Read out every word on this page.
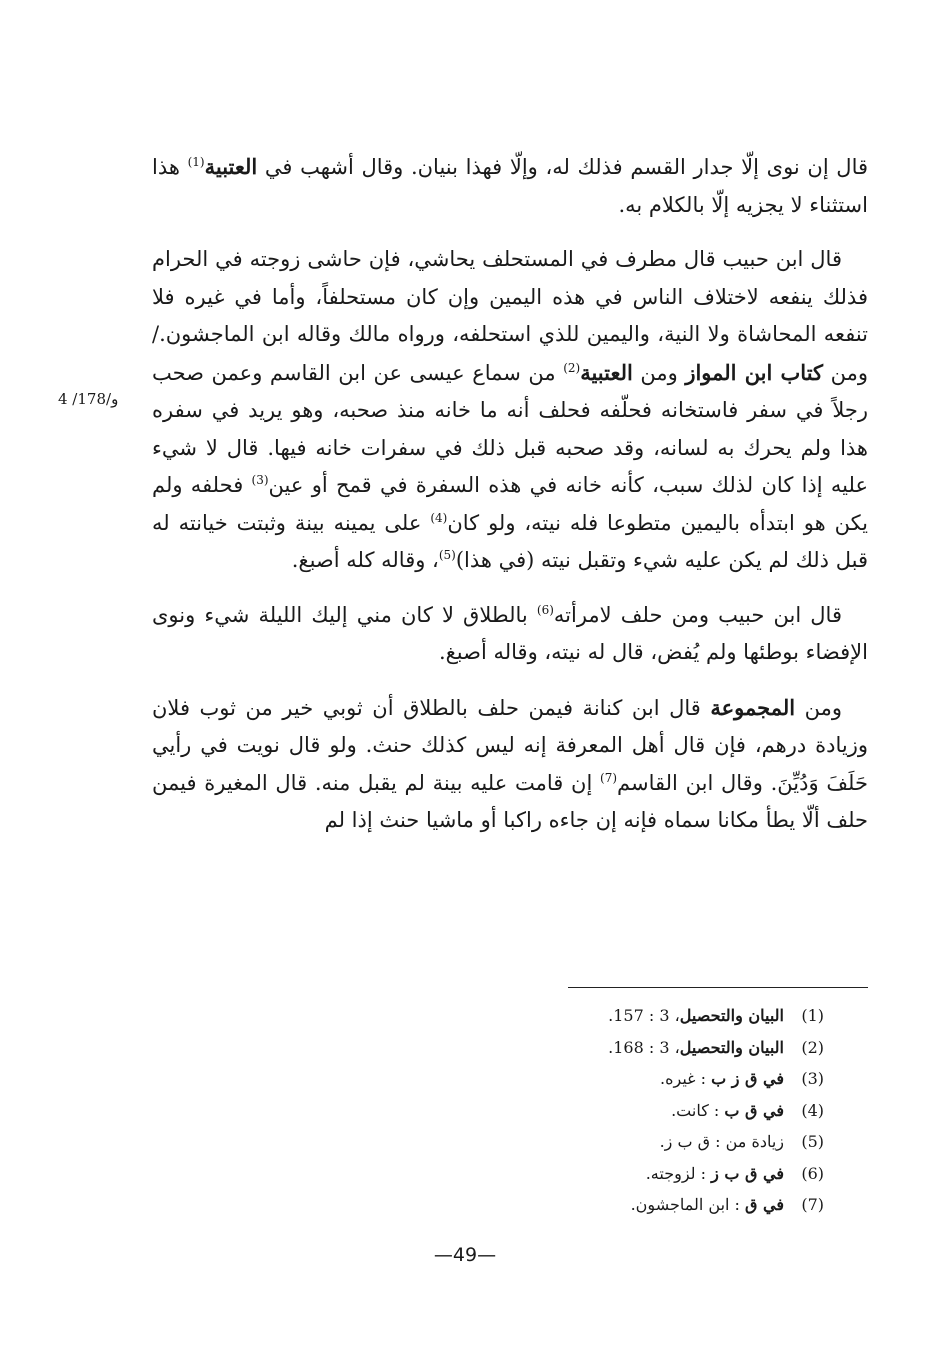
4 /178/و

قال إن نوى إلّا جدار القسم فذلك له، وإلّا فهذا بنيان. وقال أشهب في العتبية$^{(1)}$ هذا استثناء لا يجزيه إلّا بالكلام به.

قال ابن حبيب قال مطرف في المستحلف يحاشي، فإن حاشى زوجته في الحرام فذلك ينفعه لاختلاف الناس في هذه اليمين وإن كان مستحلفاً، وأما في غيره فلا تنفعه المحاشاة ولا النية، واليمين للذي استحلفه، ورواه مالك وقاله ابن الماجشون./ ومن كتاب ابن المواز ومن العتبية$^{(2)}$ من سماع عيسى عن ابن القاسم وعمن صحب رجلاً في سفر فاستخانه فحلّفه فحلف أنه ما خانه منذ صحبه، وهو يريد في سفره هذا ولم يحرك به لسانه، وقد صحبه قبل ذلك في سفرات خانه فيها. قال لا شيء عليه إذا كان لذلك سبب، كأنه خانه في هذه السفرة في قمح أو عين$^{(3)}$ فحلفه ولم يكن هو ابتدأه باليمين متطوعا فله نيته، ولو كان$^{(4)}$ على يمينه بينة وثبتت خيانته له قبل ذلك لم يكن عليه شيء وتقبل نيته (في هذا)$^{(5)}$، وقاله كله أصبغ.

قال ابن حبيب ومن حلف لامرأته$^{(6)}$ بالطلاق لا كان مني إليك الليلة شيء ونوى الإفضاء بوطئها ولم يُفض، قال له نيته، وقاله أصبغ.

ومن المجموعة قال ابن كنانة فيمن حلف بالطلاق أن ثوبي خير من ثوب فلان وزيادة درهم، فإن قال أهل المعرفة إنه ليس كذلك حنث. ولو قال نويت في رأيي حَلَفَ وَدُيِّنَ. وقال ابن القاسم$^{(7)}$ إن قامت عليه بينة لم يقبل منه. قال المغيرة فيمن حلف ألّا يطأ مكانا سماه فإنه إن جاءه راكبا أو ماشيا حنث إذا لم

(1)
البيان والتحصيل، 3 : 157.
(2)
البيان والتحصيل، 3 : 168.
(3)
في ق ز ب : غيره.
(4)
في ق ب : كانت.
(5)
زيادة من : ق ب ز.
(6)
في ق ب ز : لزوجته.
(7)
في ق : ابن الماجشون.
—49—
